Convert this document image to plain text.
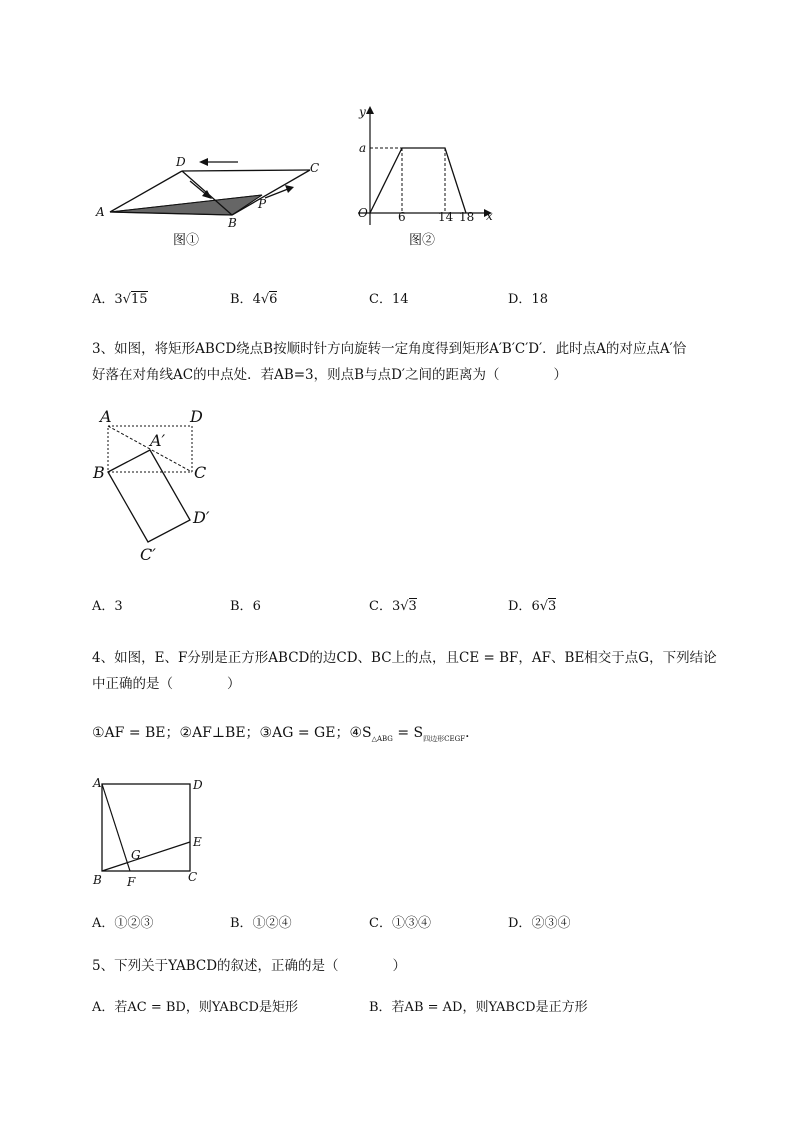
A
D	C
B
P
图①
y
x
O
a
6	14 18
图②
A．3√15	B．4√6	C．14	D．18
3、如图，将矩形ABCD绕点B按顺时针方向旋转一定角度得到矩形A′B′C′D′．此时点A的对应点A′恰
好落在对角线AC的中点处．若AB=3，则点B与点D′之间的距离为（　　　　）
A	D
A′
B	C
D′
C′
A．3	B．6	C．3√3	D．6√3
4、如图，E、F分别是正方形ABCD的边CD、BC上的点，且CE = BF，AF、BE相交于点G，下列结论
中正确的是（　　　　）
①AF = BE；②AF⊥BE；③AG = GE；$④S_{\triangle ABG} = S_{四边形CEGF}$．
A	D
E
G
B F	C
A．①②③	B．①②④	C．①③④	D．②③④
5、下列关于YABCD的叙述，正确的是（　　　　）
A．若AC = BD，则YABCD是矩形	B．若AB = AD，则YABCD是正方形
